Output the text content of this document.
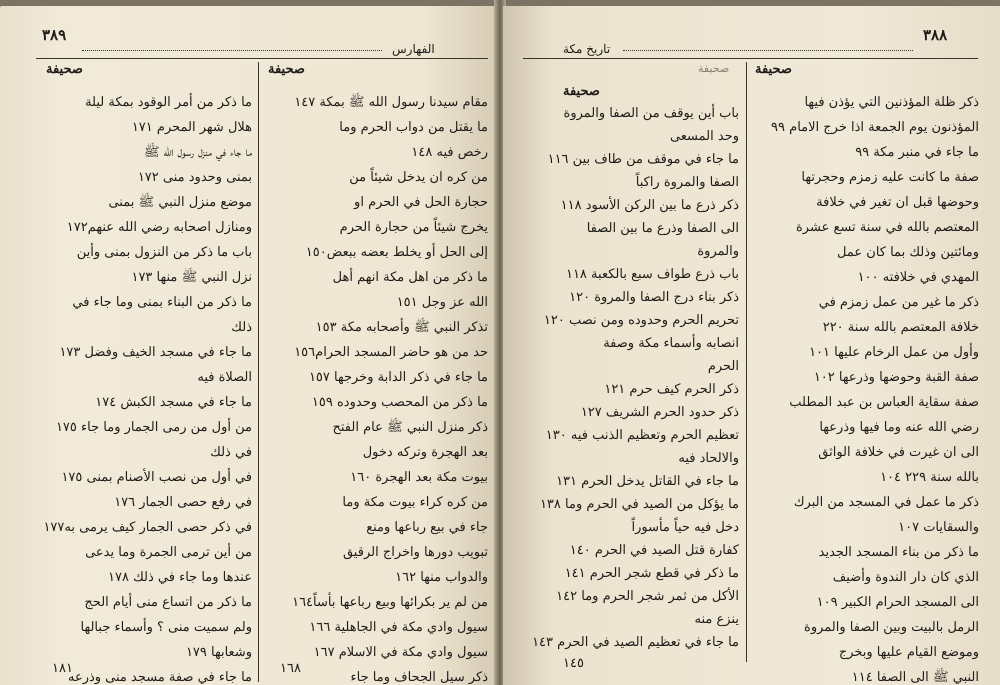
٣٨٩
الفهارس
صحيفة
ما ذكر من أمر الوقود بمكة ليلة
هلال شهر المحرم ١٧١
ما جاء في منزل رسول الله ﷺ
بمنى وحدود منى ١٧٢
موضع منزل النبي ﷺ بمنى
ومنازل اصحابه رضي الله عنهم١٧٢
باب ما ذكر من النزول بمنى وأين
نزل النبي ﷺ منها ١٧٣
ما ذكر من البناء بمنى وما جاء في
ذلك
ما جاء في مسجد الخيف وفضل ١٧٣
الصلاة فيه
ما جاء في مسجد الكبش ١٧٤
من أول من رمى الجمار وما جاء ١٧٥
في ذلك
في أول من نصب الأصنام بمنى ١٧٥
في رفع حصى الجمار ١٧٦
في ذكر حصى الجمار كيف يرمى به١٧٧
من أين ترمى الجمرة وما يدعى
عندها وما جاء في ذلك ١٧٨
ما ذكر من اتساع منى أيام الحج
ولم سميت منى ؟ وأسماء جبالها
وشعابها ١٧٩
ما جاء في صفة مسجد منى وذرعه
١٨١
صحيفة
مقام سيدنا رسول الله ﷺ بمكة ١٤٧
ما يقتل من دواب الحرم وما
رخص فيه ١٤٨
من كره ان يدخل شيئاً من
حجارة الحل في الحرم او
يخرج شيئاً من حجارة الحرم
إلى الحل أو يخلط بعضه ببعض١٥٠
ما ذكر من اهل مكة انهم أهل
الله عز وجل ١٥١
تذكر النبي ﷺ وأصحابه مكة ١٥٣
حد من هو حاضر المسجد الحرام١٥٦
ما جاء في ذكر الدابة وخرجها ١٥٧
ما ذكر من المحصب وحدوده ١٥٩
ذكر منزل النبي ﷺ عام الفتح
بعد الهجرة وتركه دخول
بيوت مكة بعد الهجرة ١٦٠
من كره كراء بيوت مكة وما
جاء في بيع رباعها ومنع
تبويب دورها واخراج الرقيق
والدواب منها ١٦٢
من لم ير بكرائها وبيع رباعها بأساً١٦٤
سيول وادي مكة في الجاهلية ١٦٦
سيول وادي مكة في الاسلام ١٦٧
ذكر سيل الجحاف وما جاء
١٦٨
تاريخ مكة
٣٨٨
صحيفة
صحيفة
باب أين يوقف من الصفا والمروة
وحد المسعى
ما جاء في موقف من طاف بين ١١٦
الصفا والمروة راكباً
ذكر ذرع ما بين الركن الأسود ١١٨
الى الصفا وذرع ما بين الصفا
والمروة
باب ذرع طواف سبع بالكعبة ١١٨
ذكر بناء درج الصفا والمروة ١٢٠
تحريم الحرم وحدوده ومن نصب ١٢٠
انصابه وأسماء مكة وصفة
الحرم
ذكر الحرم كيف حرم ١٢١
ذكر حدود الحرم الشريف ١٢٧
تعظيم الحرم وتعظيم الذنب فيه ١٣٠
والالحاد فيه
ما جاء في القاتل يدخل الحرم ١٣١
ما يؤكل من الصيد في الحرم وما ١٣٨
دخل فيه حياً مأسوراً
كفارة قتل الصيد في الحرم ١٤٠
ما ذكر في قطع شجر الحرم ١٤١
الأكل من ثمر شجر الحرم وما ١٤٢
ينزع منه
ما جاء في تعظيم الصيد في الحرم ١٤٣
١٤٥
صحيفة
ذكر ظلة المؤذنين التي يؤذن فيها
المؤذنون يوم الجمعة اذا خرج الامام ٩٩
ما جاء في منبر مكة ٩٩
صفة ما كانت عليه زمزم وحجرتها
وحوضها قبل ان تغير في خلافة
المعتصم بالله في سنة تسع عشرة
ومائتين وذلك بما كان عمل
المهدي في خلافته ١٠٠
ذكر ما غير من عمل زمزم في
خلافة المعتصم بالله سنة ٢٢٠
وأول من عمل الرخام عليها ١٠١
صفة القبة وحوضها وذرعها ١٠٢
صفة سقاية العباس بن عبد المطلب
رضي الله عنه وما فيها وذرعها
الى ان غيرت في خلافة الواثق
بالله سنة ٢٢٩ ١٠٤
ذكر ما عمل في المسجد من البرك
والسقايات ١٠٧
ما ذكر من بناء المسجد الجديد
الذي كان دار الندوة وأضيف
الى المسجد الحرام الكبير ١٠٩
الرمل بالبيت وبين الصفا والمروة
وموضع القيام عليها وبخرج
النبي ﷺ الى الصفا ١١٤
